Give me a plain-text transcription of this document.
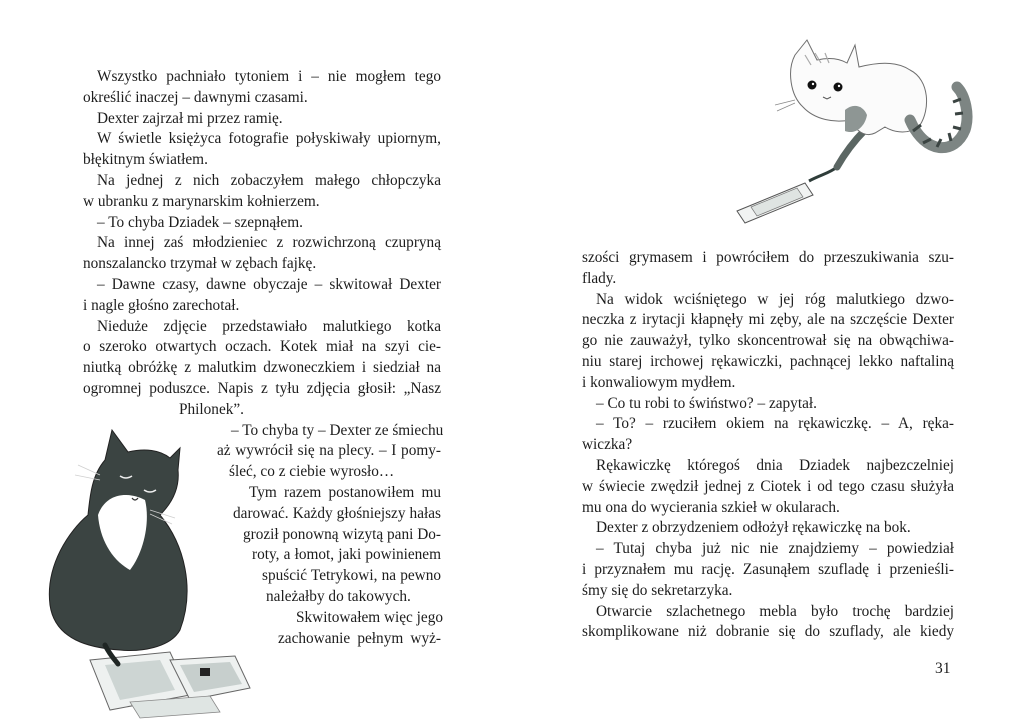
Wszystko pachniało tytoniem i – nie mogłem tego
określić inaczej – dawnymi czasami.
Dexter zajrzał mi przez ramię.
W świetle księżyca fotografie połyskiwały upiornym,
błękitnym światłem.
Na jednej z nich zobaczyłem małego chłopczyka
w ubranku z marynarskim kołnierzem.
– To chyba Dziadek – szepnąłem.
Na innej zaś młodzieniec z rozwichrzoną czupryną
nonszalancko trzymał w zębach fajkę.
– Dawne czasy, dawne obyczaje – skwitował Dexter
i nagle głośno zarechotał.
Nieduże zdjęcie przedstawiało malutkiego kotka
o szeroko otwartych oczach. Kotek miał na szyi cie-
niutką obróżkę z malutkim dzwoneczkiem i siedział na
ogromnej poduszce. Napis z tyłu zdjęcia głosił: „Nasz
Philonek”.
– To chyba ty – Dexter ze śmiechu
aż wywrócił się na plecy. – I pomy-
śleć, co z ciebie wyrosło…
Tym razem postanowiłem mu
darować. Każdy głośniejszy hałas
groził ponowną wizytą pani Do-
roty, a łomot, jaki powinienem
spuścić Tetrykowi, na pewno
należałby do takowych.
Skwitowałem więc jego
zachowanie pełnym wyż-
szości grymasem i powróciłem do przeszukiwania szu-
flady.
Na widok wciśniętego w jej róg malutkiego dzwo-
neczka z irytacji kłapnęły mi zęby, ale na szczęście Dexter
go nie zauważył, tylko skoncentrował się na obwąchiwa-
niu starej irchowej rękawiczki, pachnącej lekko naftaliną
i konwaliowym mydłem.
– Co tu robi to świństwo? – zapytał.
– To? – rzuciłem okiem na rękawiczkę. – A, ręka-
wiczka?
Rękawiczkę któregoś dnia Dziadek najbezczelniej
w świecie zwędził jednej z Ciotek i od tego czasu służyła
mu ona do wycierania szkieł w okularach.
Dexter z obrzydzeniem odłożył rękawiczkę na bok.
– Tutaj chyba już nic nie znajdziemy – powiedział
i przyznałem mu rację. Zasunąłem szufladę i przenieśli-
śmy się do sekretarzyka.
Otwarcie szlachetnego mebla było trochę bardziej
skomplikowane niż dobranie się do szuflady, ale kiedy
31
